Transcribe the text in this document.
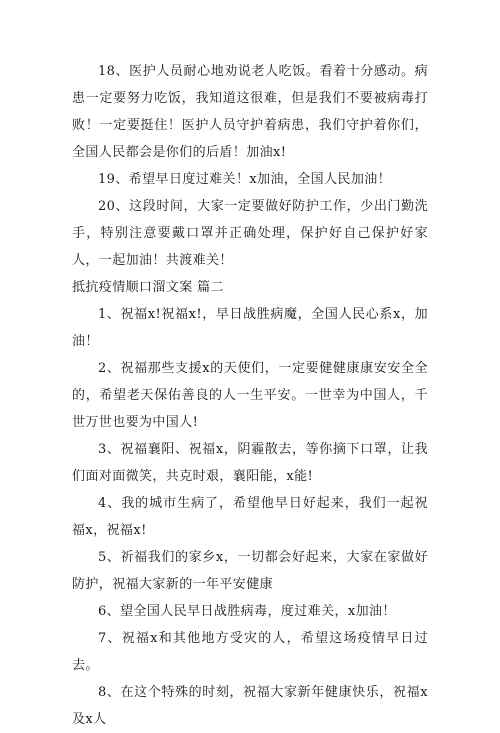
18、医护人员耐心地劝说老人吃饭。看着十分感动。病患一定要努力吃饭，我知道这很难，但是我们不要被病毒打败！一定要挺住！医护人员守护着病患，我们守护着你们，全国人民都会是你们的后盾！加油x!

19、希望早日度过难关！x加油，全国人民加油！

20、这段时间，大家一定要做好防护工作，少出门勤洗手，特别注意要戴口罩并正确处理，保护好自己保护好家人，一起加油！共渡难关！

抵抗疫情顺口溜文案 篇二

1、祝福x!祝福x!，早日战胜病魔，全国人民心系x，加油！

2、祝福那些支援x的天使们，一定要健健康康安安全全的，希望老天保佑善良的人一生平安。一世幸为中国人，千世万世也要为中国人!

3、祝福襄阳、祝福x，阴霾散去，等你摘下口罩，让我们面对面微笑，共克时艰，襄阳能，x能!

4、我的城市生病了，希望他早日好起来，我们一起祝福x，祝福x!

5、祈福我们的家乡x，一切都会好起来，大家在家做好防护，祝福大家新的一年平安健康

6、望全国人民早日战胜病毒，度过难关，x加油！

7、祝福x和其他地方受灾的人，希望这场疫情早日过去。

8、在这个特殊的时刻，祝福大家新年健康快乐，祝福x及x人
